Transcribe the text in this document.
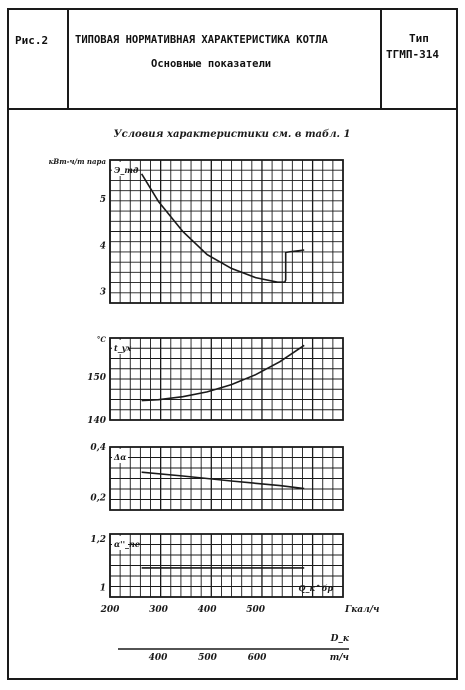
Рис.2	ТИПОВАЯ НОРМАТИВНАЯ ХАРАКТЕРИСТИКА КОТЛА
Основные показатели
Тип
ТГМП-314
Условия характеристики см. в табл. 1
3
4
5
кВт-ч/т пара
Э_тд
140
150
°C
t_ух
0,2
0,4
Δα
1
1,2 α''_пе
Q_к^бр
200	300	400	500	Гкал/ч
D_к
400	500	600	т/ч
